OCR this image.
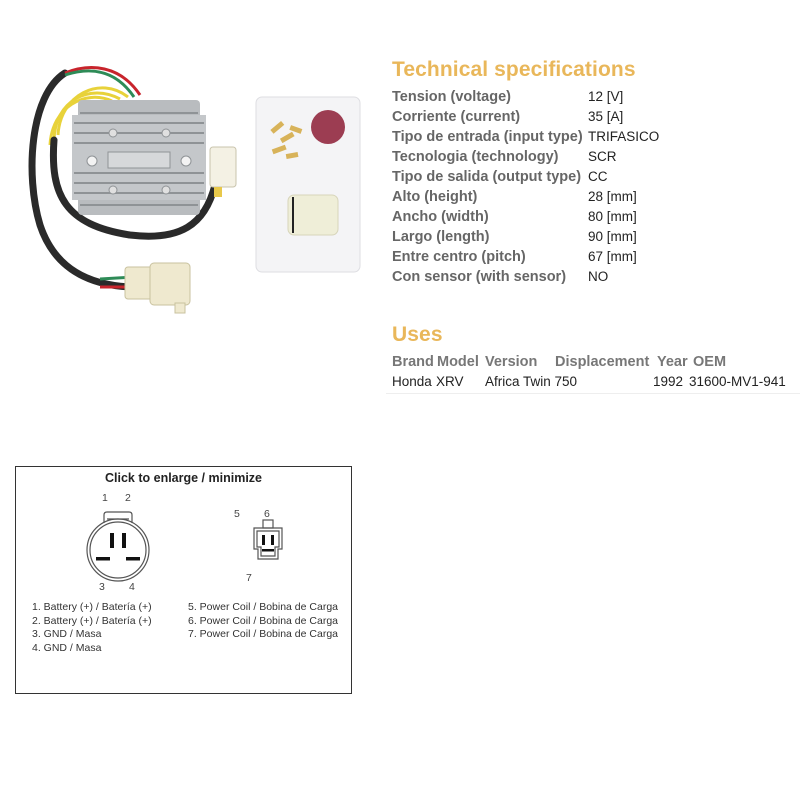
Technical specifications
Tension (voltage)	12 [V]
Corriente (current)	35 [A]
Tipo de entrada (input type) TRIFASICO
Tecnologia (technology)	SCR
Tipo de salida (output type) CC
Alto (height)	28 [mm]
Ancho (width)	80 [mm]
Largo (length)	90 [mm]
Entre centro (pitch)	67 [mm]
Con sensor (with sensor)	NO
Uses
Brand Model Version	Displacement Year OEM
Honda XRV	Africa Twin 750	1992 31600-MV1-941
Click to enlarge / minimize
1 2
3 4
5 6
7
1. Battery (+) / Batería (+)
2. Battery (+) / Batería (+)
3. GND / Masa
4. GND / Masa
5. Power Coil / Bobina de Carga
6. Power Coil / Bobina de Carga
7. Power Coil / Bobina de Carga
